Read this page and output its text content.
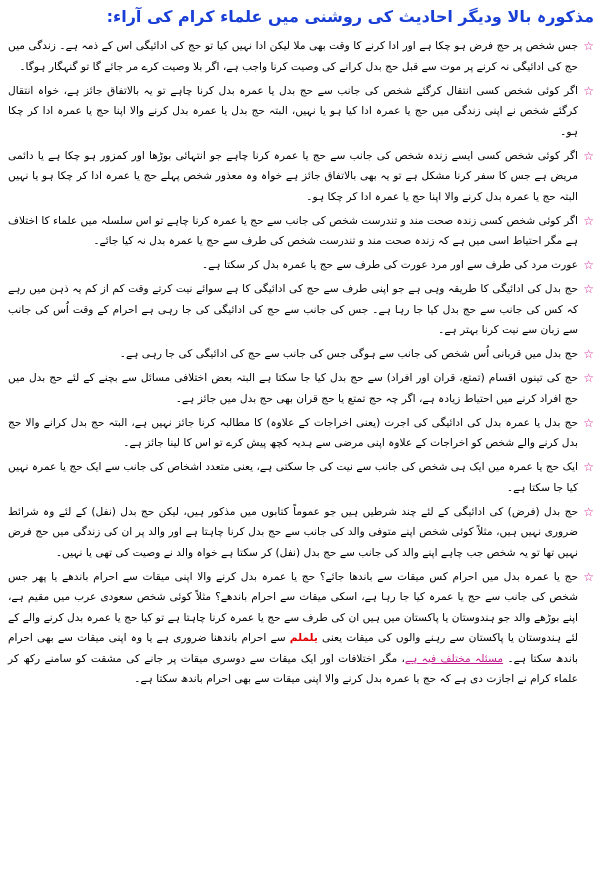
مذکورہ بالا وديگر احاديث کی روشنی ميں علماء کرام کی آراء:
☆
جس شخص پر حج فرض ہو چکا ہے اور ادا کرنے کا وقت بھی ملا لیکن ادا نہیں کیا تو حج کی ادائیگی اس کے ذمہ ہے۔ زندگی میں حج کی ادائیگی نہ کرنے پر موت سے قبل حج بدل کرانے کی وصیت کرنا واجب ہے، اگر بلا وصیت کرے مر جائے گا تو گنہگار ہوگا۔
☆
اگر کوئی شخص کسی انتقال کرگئے شخص کی جانب سے حج بدل یا عمرہ بدل کرنا چاہے تو یہ بالاتفاق جائز ہے، خواہ انتقال کرگئے شخص نے اپنی زندگی میں حج یا عمرہ ادا کیا ہو یا نہیں، البتہ حج بدل یا عمرہ بدل کرنے والا اپنا حج یا عمرہ ادا کر چکا ہو۔
☆
اگر کوئی شخص کسی ایسے زندہ شخص کی جانب سے حج یا عمرہ کرنا چاہے جو انتہائی بوڑھا اور کمزور ہو چکا ہے یا دائمی مریض ہے جس کا سفر کرنا مشکل ہے تو یہ بھی بالاتفاق جائز ہے خواہ وہ معذور شخص پہلے حج یا عمرہ ادا کر چکا ہو یا نہیں البتہ حج یا عمرہ بدل کرنے والا اپنا حج یا عمرہ ادا کر چکا ہو۔
☆
اگر کوئی شخص کسی زندہ صحت مند و تندرست شخص کی جانب سے حج یا عمرہ کرنا چاہے تو اس سلسلہ میں علماء کا اختلاف ہے مگر احتیاط اسی میں ہے کہ زندہ صحت مند و تندرست شخص کی طرف سے حج یا عمرہ بدل نہ کیا جائے۔
☆
عورت مرد کی طرف سے اور مرد عورت کی طرف سے حج یا عمرہ بدل کر سکتا ہے۔
☆
حج بدل کی ادائیگی کا طریقہ وہی ہے جو اپنی طرف سے حج کی ادائیگی کا ہے سوائے نیت کرتے وقت کم از کم یہ ذہن میں رہے کہ کس کی جانب سے حج بدل کیا جا رہا ہے۔ جس کی جانب سے حج کی ادائیگی کی جا رہی ہے احرام کے وقت اُس کی جانب سے زبان سے نیت کرنا بہتر ہے۔
☆
حج بدل میں قربانی اُس شخص کی جانب سے ہوگی جس کی جانب سے حج کی ادائیگی کی جا رہی ہے۔
☆
حج کی تینوں اقسام (تمتع، قران اور افراد) سے حج بدل کیا جا سکتا ہے البتہ بعض اختلافی مسائل سے بچنے کے لئے حج بدل میں حج افراد کرنے میں احتیاط زیادہ ہے، اگر چہ حج تمتع یا حج قران بھی حج بدل میں جائز ہے۔
☆
حج بدل یا عمرہ بدل کی ادائیگی کی اجرت (یعنی اخراجات کے علاوہ) کا مطالبہ کرنا جائز نہیں ہے، البتہ حج بدل کرانے والا حج بدل کرنے والے شخص کو اخراجات کے علاوہ اپنی مرضی سے ہدیہ کچھ پیش کرے تو اس کا لینا جائز ہے۔
☆
ایک حج یا عمرہ میں ایک ہی شخص کی جانب سے نیت کی جا سکتی ہے، یعنی متعدد اشخاص کی جانب سے ایک حج یا عمرہ نہیں کیا جا سکتا ہے۔
☆
حج بدل (فرض) کی ادائیگی کے لئے چند شرطیں ہیں جو عموماً کتابوں میں مذکور ہیں، لیکن حج بدل (نفل) کے لئے وہ شرائط ضروری نہیں ہیں، مثلاً کوئی شخص اپنے متوفی والد کی جانب سے حج بدل کرنا چاہتا ہے اور والد پر ان کی زندگی میں حج فرض نہیں تھا تو یہ شخص جب چاہے اپنے والد کی جانب سے حج بدل (نفل) کر سکتا ہے خواہ والد نے وصیت کی تھی یا نہیں۔
☆
حج یا عمرہ بدل میں احرام کس میقات سے باندھا جائے؟ حج یا عمرہ بدل کرنے والا اپنی میقات سے احرام باندھے یا پھر جس شخص کی جانب سے حج یا عمرہ کیا جا رہا ہے، اسکی میقات سے احرام باندھے؟ مثلاً کوئی شخص سعودی عرب میں مقیم ہے، اپنے بوڑھے والد جو ہندوستان یا پاکستان میں ہیں ان کی طرف سے حج یا عمرہ کرنا چاہتا ہے تو کیا حج یا عمرہ بدل کرنے والے کے لئے ہندوستان یا پاکستان سے رہنے والوں کی میقات یعنی یلملم سے احرام باندھنا ضروری ہے یا وہ اپنی میقات سے بھی احرام باندھ سکتا ہے۔ مسئلہ مختلف فیہ ہے، مگر اختلافات اور ایک میقات سے دوسری میقات پر جانے کی مشقت کو سامنے رکھ کر علماء کرام نے اجازت دی ہے کہ حج یا عمرہ بدل کرنے والا اپنی میقات سے بھی احرام باندھ سکتا ہے۔
